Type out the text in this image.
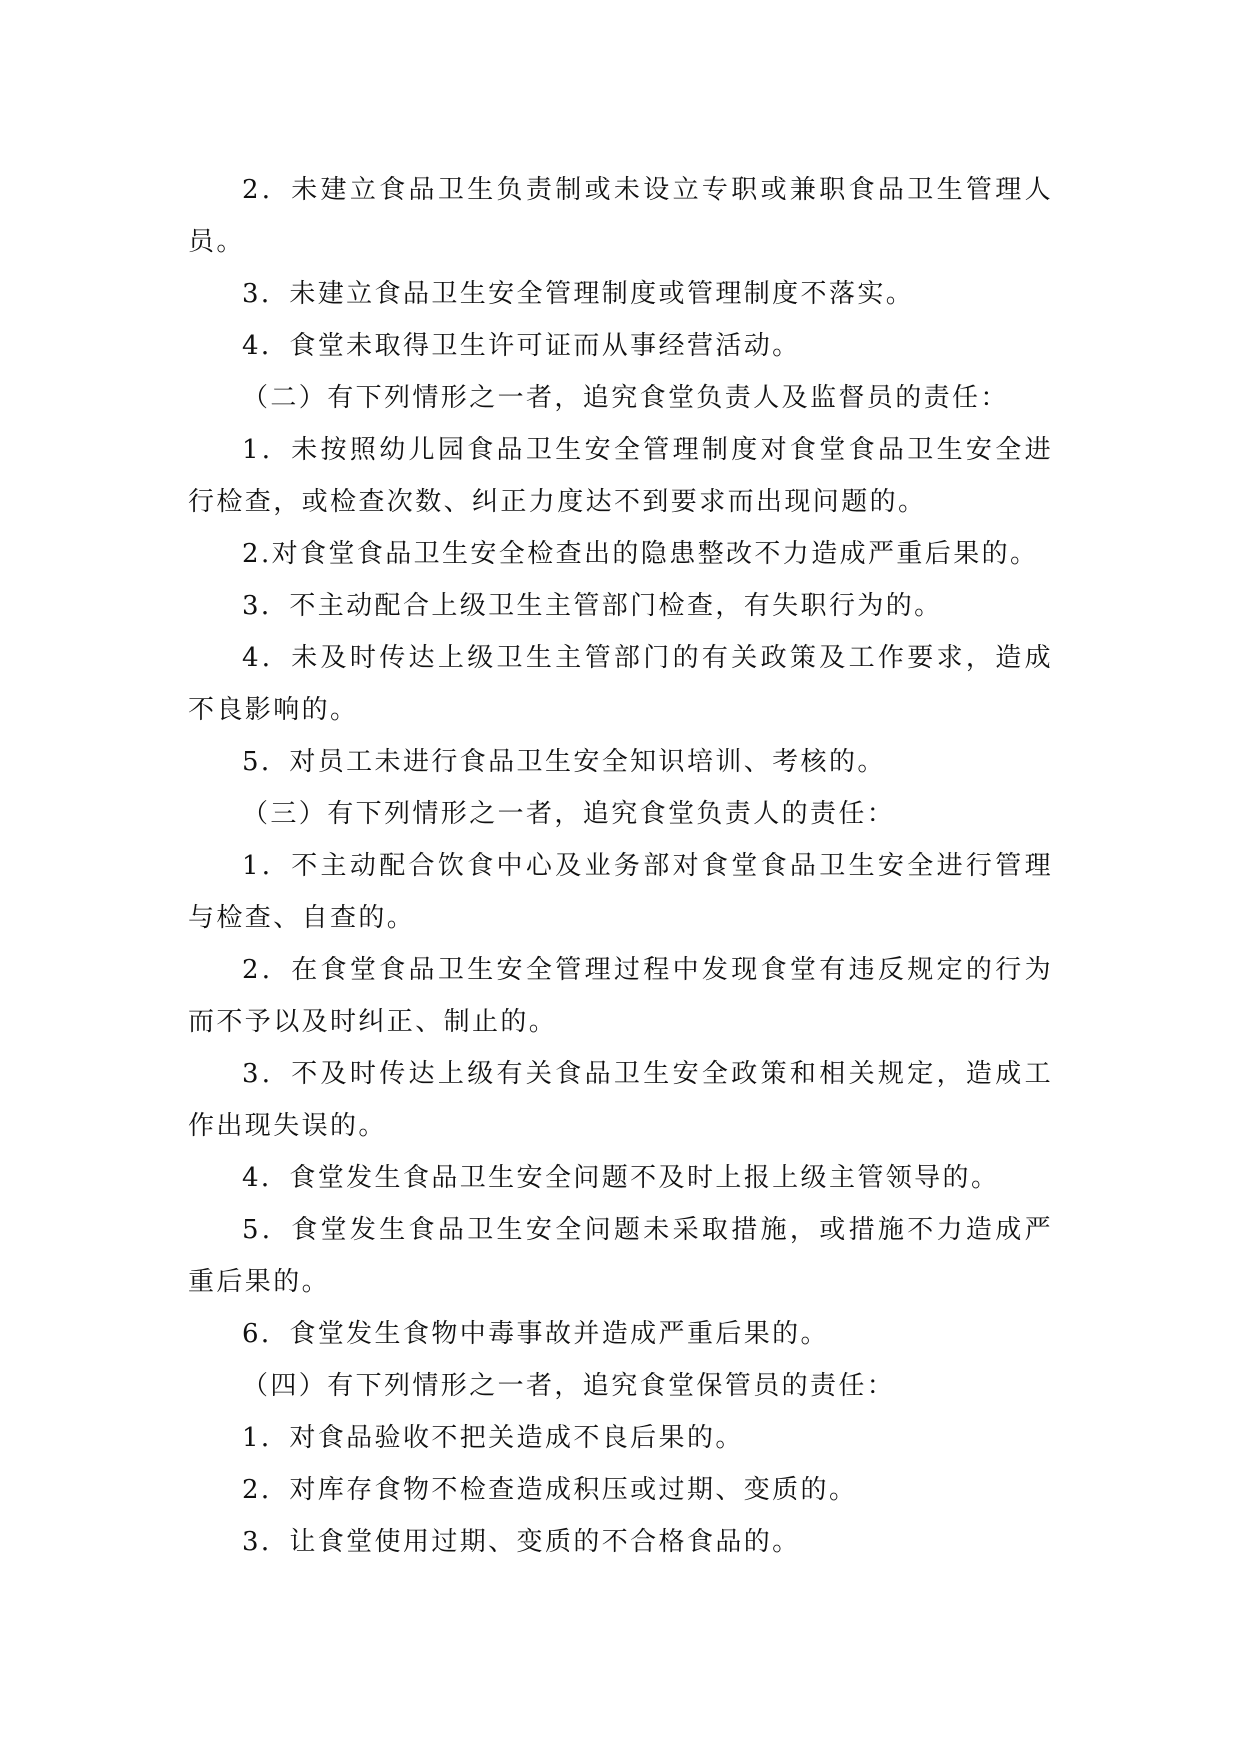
2．未建立食品卫生负责制或未设立专职或兼职食品卫生管理人员。

3．未建立食品卫生安全管理制度或管理制度不落实。

4．食堂未取得卫生许可证而从事经营活动。

（二）有下列情形之一者，追究食堂负责人及监督员的责任：

1．未按照幼儿园食品卫生安全管理制度对食堂食品卫生安全进行检查，或检查次数、纠正力度达不到要求而出现问题的。

2.对食堂食品卫生安全检查出的隐患整改不力造成严重后果的。

3．不主动配合上级卫生主管部门检查，有失职行为的。

4．未及时传达上级卫生主管部门的有关政策及工作要求，造成不良影响的。

5．对员工未进行食品卫生安全知识培训、考核的。

（三）有下列情形之一者，追究食堂负责人的责任：

1．不主动配合饮食中心及业务部对食堂食品卫生安全进行管理与检查、自查的。

2．在食堂食品卫生安全管理过程中发现食堂有违反规定的行为而不予以及时纠正、制止的。

3．不及时传达上级有关食品卫生安全政策和相关规定，造成工作出现失误的。

4．食堂发生食品卫生安全问题不及时上报上级主管领导的。

5．食堂发生食品卫生安全问题未采取措施，或措施不力造成严重后果的。

6．食堂发生食物中毒事故并造成严重后果的。

（四）有下列情形之一者，追究食堂保管员的责任：

1．对食品验收不把关造成不良后果的。

2．对库存食物不检查造成积压或过期、变质的。

3．让食堂使用过期、变质的不合格食品的。
